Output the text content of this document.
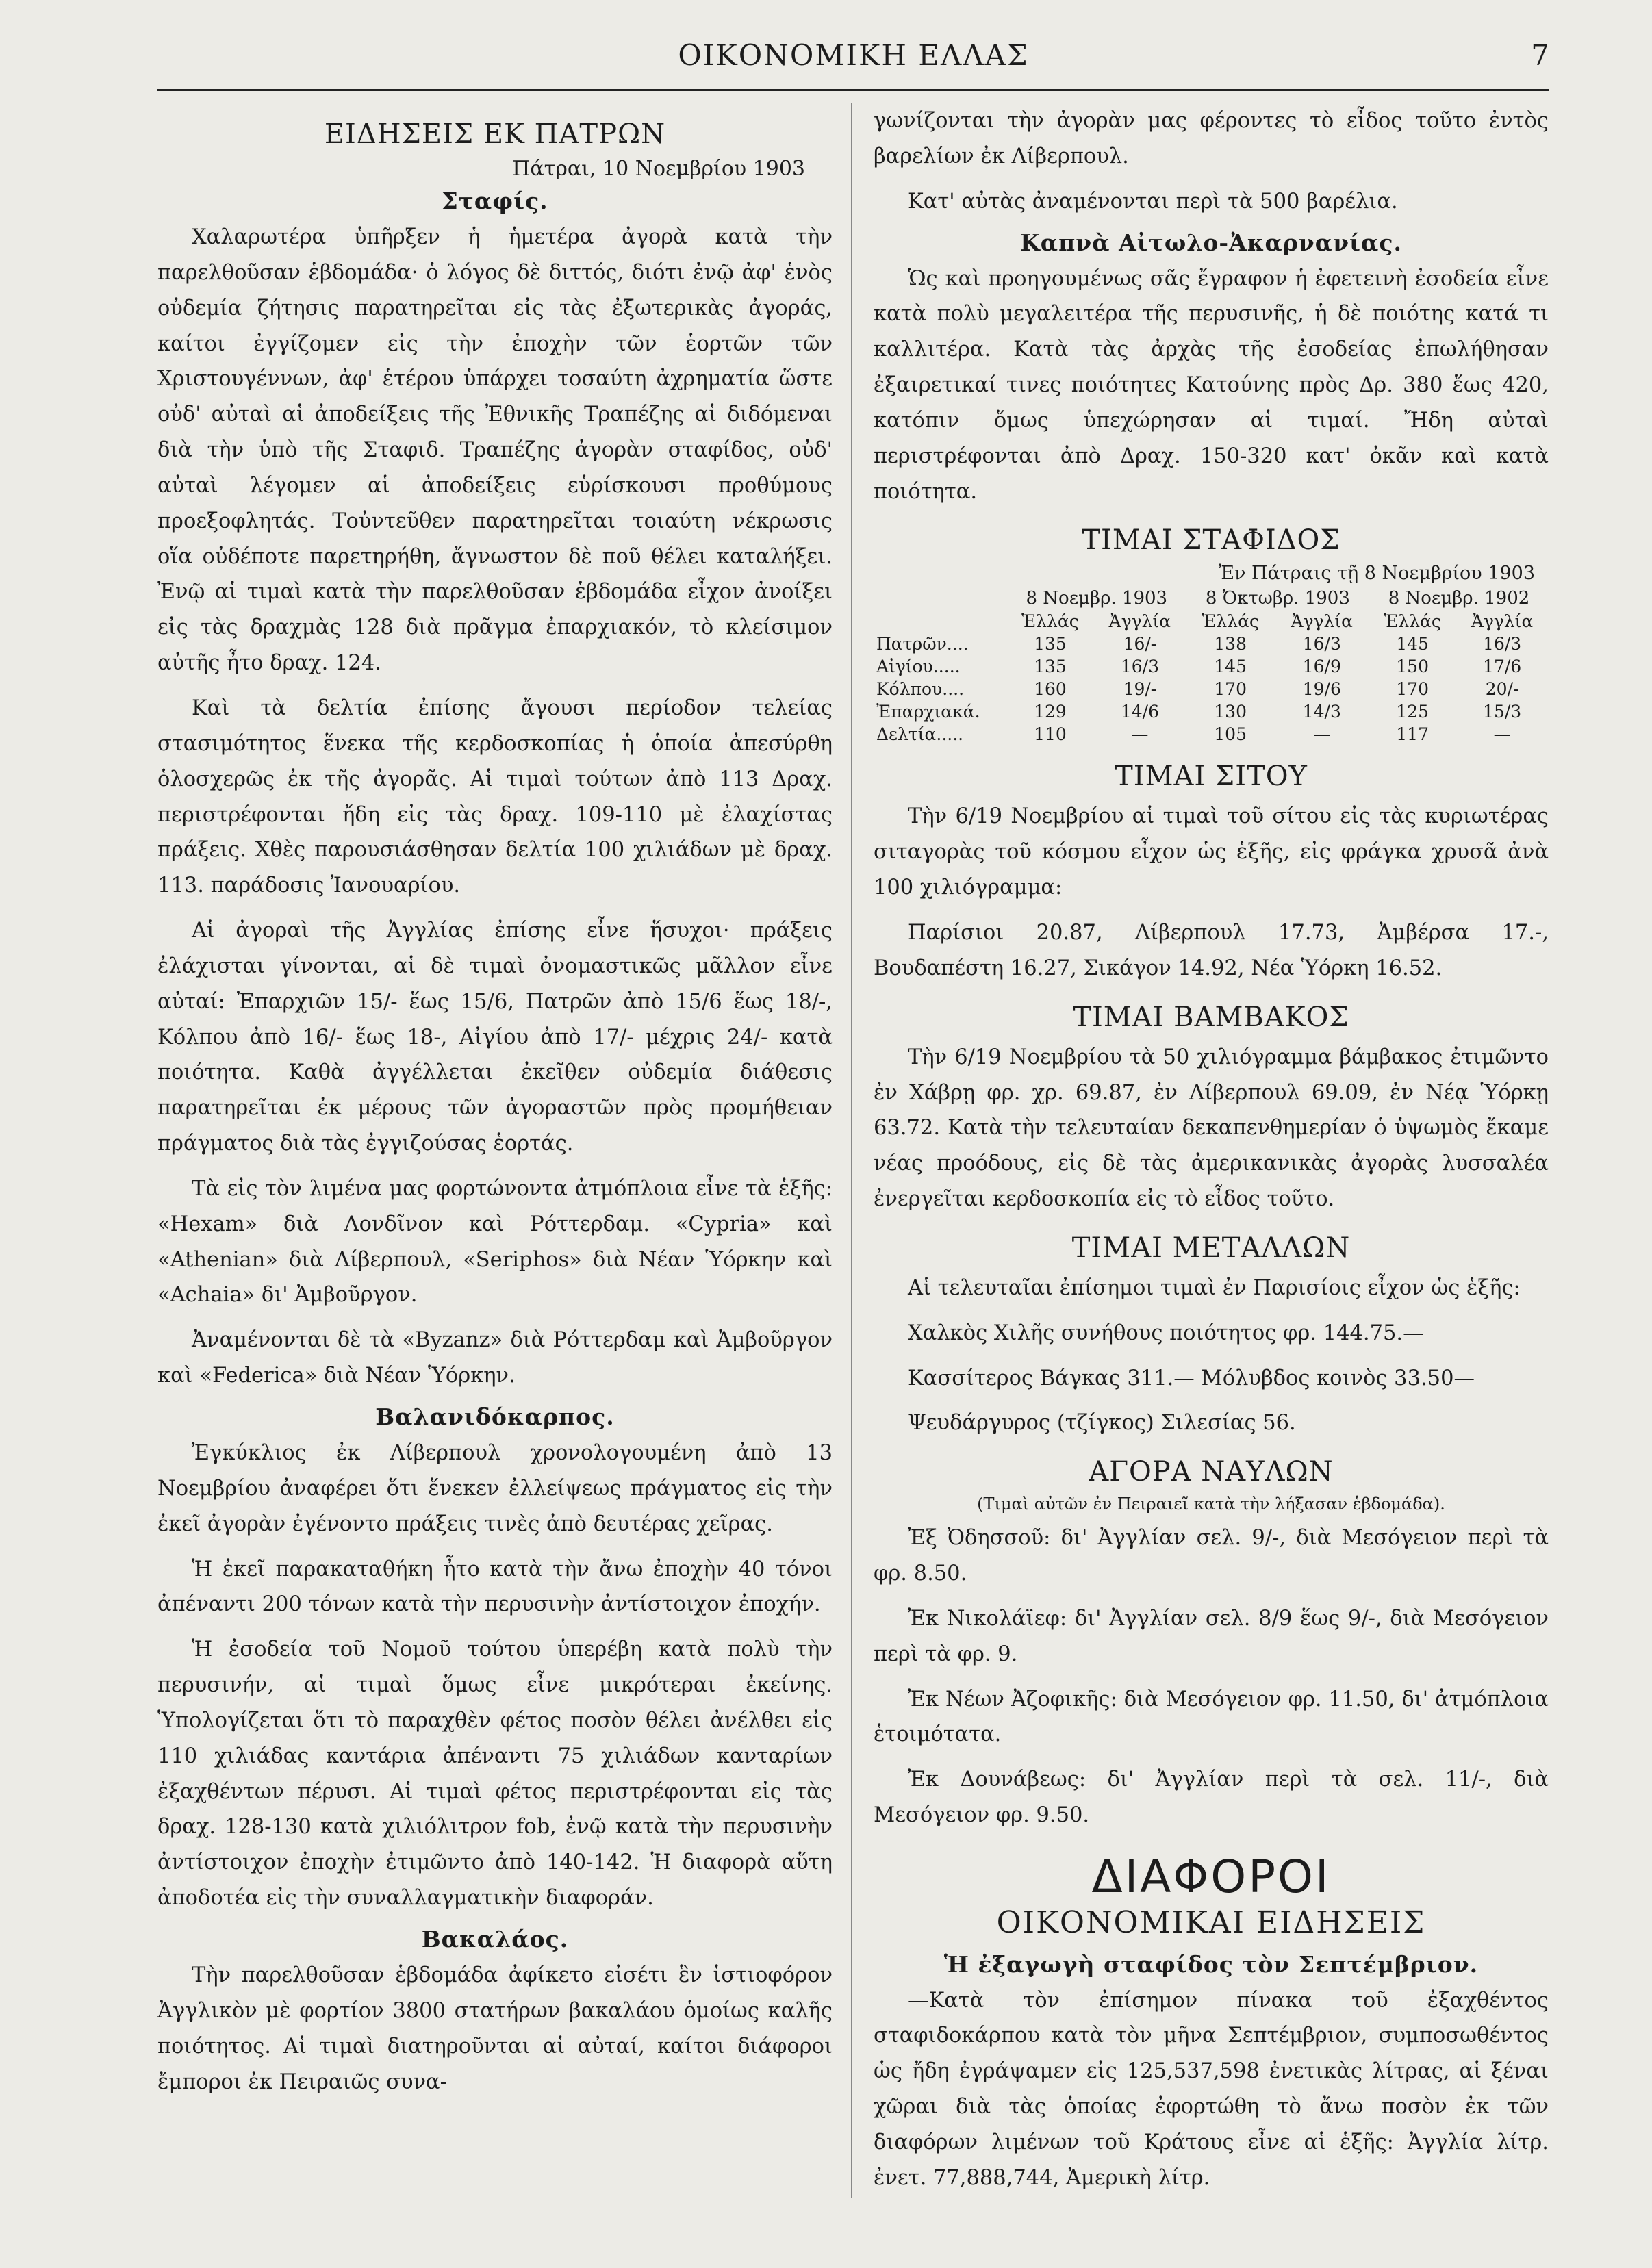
ΟΙΚΟΝΟΜΙΚΗ ΕΛΛΑΣ	7
ΕΙΔΗΣΕΙΣ ΕΚ ΠΑΤΡΩΝ
Πάτραι, 10 Νοεμβρίου 1903
Σταφίς.

Χαλαρωτέρα ὑπῆρξεν ἡ ἡμετέρα ἀγορὰ κατὰ τὴν παρελθοῦσαν ἑβδομάδα· ὁ λόγος δὲ διττός, διότι ἐνῷ ἀφ' ἑνὸς οὐδεμία ζήτησις παρατηρεῖται εἰς τὰς ἐξωτερικὰς ἀγοράς, καίτοι ἐγγίζομεν εἰς τὴν ἐποχὴν τῶν ἑορτῶν τῶν Χριστουγέννων, ἀφ' ἑτέρου ὑπάρχει τοσαύτη ἀχρηματία ὥστε οὐδ' αὐταὶ αἱ ἀποδείξεις τῆς Ἐθνικῆς Τραπέζης αἱ διδόμεναι διὰ τὴν ὑπὸ τῆς Σταφιδ. Τραπέζης ἀγορὰν σταφίδος, οὐδ' αὐταὶ λέγομεν αἱ ἀποδείξεις εὑρίσκουσι προθύμους προεξοφλητάς. Τοὐντεῦθεν παρατηρεῖται τοιαύτη νέκρωσις οἵα οὐδέποτε παρετηρήθη, ἄγνωστον δὲ ποῦ θέλει καταλήξει. Ἐνῷ αἱ τιμαὶ κατὰ τὴν παρελθοῦσαν ἑβδομάδα εἶχον ἀνοίξει εἰς τὰς δραχμὰς 128 διὰ πρᾶγμα ἐπαρχιακόν, τὸ κλείσιμον αὐτῆς ἦτο δραχ. 124.

Καὶ τὰ δελτία ἐπίσης ἄγουσι περίοδον τελείας στασιμότητος ἕνεκα τῆς κερδοσκοπίας ἡ ὁποία ἀπεσύρθη ὁλοσχερῶς ἐκ τῆς ἀγορᾶς. Αἱ τιμαὶ τούτων ἀπὸ 113 Δραχ. περιστρέφονται ἤδη εἰς τὰς δραχ. 109-110 μὲ ἐλαχίστας πράξεις. Χθὲς παρουσιάσθησαν δελτία 100 χιλιάδων μὲ δραχ. 113. παράδοσις Ἰανουαρίου.

Αἱ ἀγοραὶ τῆς Ἀγγλίας ἐπίσης εἶνε ἥσυχοι· πράξεις ἐλάχισται γίνονται, αἱ δὲ τιμαὶ ὀνομαστικῶς μᾶλλον εἶνε αὐταί: Ἐπαρχιῶν 15/- ἕως 15/6, Πατρῶν ἀπὸ 15/6 ἕως 18/-, Κόλπου ἀπὸ 16/- ἕως 18-, Αἰγίου ἀπὸ 17/- μέχρις 24/- κατὰ ποιότητα. Καθὰ ἀγγέλλεται ἐκεῖθεν οὐδεμία διάθεσις παρατηρεῖται ἐκ μέρους τῶν ἀγοραστῶν πρὸς προμήθειαν πράγματος διὰ τὰς ἐγγιζούσας ἑορτάς.

Τὰ εἰς τὸν λιμένα μας φορτώνοντα ἀτμόπλοια εἶνε τὰ ἑξῆς: «Hexam» διὰ Λονδῖνον καὶ Ρόττερδαμ. «Cypria» καὶ «Athenian» διὰ Λίβερπουλ, «Seriphos» διὰ Νέαν Ὑόρκην καὶ «Achaia» δι' Ἀμβοῦργον.

Ἀναμένονται δὲ τὰ «Byzanz» διὰ Ρόττερδαμ καὶ Ἀμβοῦργον καὶ «Federica» διὰ Νέαν Ὑόρκην.

Βαλανιδόκαρπος.

Ἐγκύκλιος ἐκ Λίβερπουλ χρονολογουμένη ἀπὸ 13 Νοεμβρίου ἀναφέρει ὅτι ἕνεκεν ἐλλείψεως πράγματος εἰς τὴν ἐκεῖ ἀγορὰν ἐγένοντο πράξεις τινὲς ἀπὸ δευτέρας χεῖρας.

Ἡ ἐκεῖ παρακαταθήκη ἦτο κατὰ τὴν ἄνω ἐποχὴν 40 τόνοι ἀπέναντι 200 τόνων κατὰ τὴν περυσινὴν ἀντίστοιχον ἐποχήν.

Ἡ ἐσοδεία τοῦ Νομοῦ τούτου ὑπερέβη κατὰ πολὺ τὴν περυσινήν, αἱ τιμαὶ ὅμως εἶνε μικρότεραι ἐκείνης. Ὑπολογίζεται ὅτι τὸ παραχθὲν φέτος ποσὸν θέλει ἀνέλθει εἰς 110 χιλιάδας καντάρια ἀπέναντι 75 χιλιάδων κανταρίων ἐξαχθέντων πέρυσι. Αἱ τιμαὶ φέτος περιστρέφονται εἰς τὰς δραχ. 128-130 κατὰ χιλιόλιτρον fob, ἐνῷ κατὰ τὴν περυσινὴν ἀντίστοιχον ἐποχὴν ἐτιμῶντο ἀπὸ 140-142. Ἡ διαφορὰ αὕτη ἀποδοτέα εἰς τὴν συναλλαγματικὴν διαφοράν.

Βακαλάος.

Τὴν παρελθοῦσαν ἑβδομάδα ἀφίκετο εἰσέτι ἓν ἱστιοφόρον Ἀγγλικὸν μὲ φορτίον 3800 στατήρων βακαλάου ὁμοίως καλῆς ποιότητος. Αἱ τιμαὶ διατηροῦνται αἱ αὐταί, καίτοι διάφοροι ἔμποροι ἐκ Πειραιῶς συνα-

γωνίζονται τὴν ἀγορὰν μας φέροντες τὸ εἶδος τοῦτο ἐντὸς βαρελίων ἐκ Λίβερπουλ.

Κατ' αὐτὰς ἀναμένονται περὶ τὰ 500 βαρέλια.

Καπνὰ Αἰτωλο-Ἀκαρνανίας.

Ὡς καὶ προηγουμένως σᾶς ἔγραφον ἡ ἐφετεινὴ ἐσοδεία εἶνε κατὰ πολὺ μεγαλειτέρα τῆς περυσινῆς, ἡ δὲ ποιότης κατά τι καλλιτέρα. Κατὰ τὰς ἀρχὰς τῆς ἐσοδείας ἐπωλήθησαν ἐξαιρετικαί τινες ποιότητες Κατούνης πρὸς Δρ. 380 ἕως 420, κατόπιν ὅμως ὑπεχώρησαν αἱ τιμαί. Ἤδη αὐταὶ περιστρέφονται ἀπὸ Δραχ. 150-320 κατ' ὀκᾶν καὶ κατὰ ποιότητα.

ΤΙΜΑΙ ΣΤΑΦΙΔΟΣ
Ἐν Πάτραις τῇ 8 Νοεμβρίου 1903
	8 Νοεμβρ. 1903		8 Ὀκτωβρ. 1903		8 Νοεμβρ. 1902	
	Ἑλλάς	Ἀγγλία	Ἑλλάς	Ἀγγλία	Ἑλλάς	Ἀγγλία
Πατρῶν....	135	16/-	138	16/3	145	16/3
Αἰγίου.....	135	16/3	145	16/9	150	17/6
Κόλπου....	160	19/-	170	19/6	170	20/-
Ἐπαρχιακά.	129	14/6	130	14/3	125	15/3
Δελτία.....	110	—	105	—	117	—
ΤΙΜΑΙ ΣΙΤΟΥ

Τὴν 6/19 Νοεμβρίου αἱ τιμαὶ τοῦ σίτου εἰς τὰς κυριωτέρας σιταγορὰς τοῦ κόσμου εἶχον ὡς ἑξῆς, εἰς φράγκα χρυσᾶ ἀνὰ 100 χιλιόγραμμα:

Παρίσιοι 20.87, Λίβερπουλ 17.73, Ἀμβέρσα 17.-, Βουδαπέστη 16.27, Σικάγον 14.92, Νέα Ὑόρκη 16.52.

ΤΙΜΑΙ ΒΑΜΒΑΚΟΣ

Τὴν 6/19 Νοεμβρίου τὰ 50 χιλιόγραμμα βάμβακος ἐτιμῶντο ἐν Χάβρῃ φρ. χρ. 69.87, ἐν Λίβερπουλ 69.09, ἐν Νέᾳ Ὑόρκῃ 63.72. Κατὰ τὴν τελευταίαν δεκαπενθημερίαν ὁ ὑψωμὸς ἔκαμε νέας προόδους, εἰς δὲ τὰς ἀμερικανικὰς ἀγορὰς λυσσαλέα ἐνεργεῖται κερδοσκοπία εἰς τὸ εἶδος τοῦτο.

ΤΙΜΑΙ ΜΕΤΑΛΛΩΝ

Αἱ τελευταῖαι ἐπίσημοι τιμαὶ ἐν Παρισίοις εἶχον ὡς ἑξῆς:

Χαλκὸς Χιλῆς συνήθους ποιότητος φρ. 144.75.—

Κασσίτερος Βάγκας 311.— Μόλυβδος κοινὸς 33.50—

Ψευδάργυρος (τζίγκος) Σιλεσίας 56.

ΑΓΟΡΑ ΝΑΥΛΩΝ
(Τιμαὶ αὐτῶν ἐν Πειραιεῖ κατὰ τὴν λήξασαν ἑβδομάδα).

Ἐξ Ὀδησσοῦ: δι' Ἀγγλίαν σελ. 9/-, διὰ Μεσόγειον περὶ τὰ φρ. 8.50.

Ἐκ Νικολάϊεφ: δι' Ἀγγλίαν σελ. 8/9 ἕως 9/-, διὰ Μεσόγειον περὶ τὰ φρ. 9.

Ἐκ Νέων Ἀζοφικῆς: διὰ Μεσόγειον φρ. 11.50, δι' ἀτμόπλοια ἑτοιμότατα.

Ἐκ Δουνάβεως: δι' Ἀγγλίαν περὶ τὰ σελ. 11/-, διὰ Μεσόγειον φρ. 9.50.

ΔΙΑΦΟΡΟΙ
ΟΙΚΟΝΟΜΙΚΑΙ ΕΙΔΗΣΕΙΣ
Ἡ ἐξαγωγὴ σταφίδος τὸν Σεπτέμβριον.

—Κατὰ τὸν ἐπίσημον πίνακα τοῦ ἐξαχθέντος σταφιδοκάρπου κατὰ τὸν μῆνα Σεπτέμβριον, συμποσωθέντος ὡς ἤδη ἐγράψαμεν εἰς 125,537,598 ἐνετικὰς λίτρας, αἱ ξέναι χῶραι διὰ τὰς ὁποίας ἐφορτώθη τὸ ἄνω ποσὸν ἐκ τῶν διαφόρων λιμένων τοῦ Κράτους εἶνε αἱ ἑξῆς: Ἀγγλία λίτρ. ἐνετ. 77,888,744, Ἀμερικὴ λίτρ.
